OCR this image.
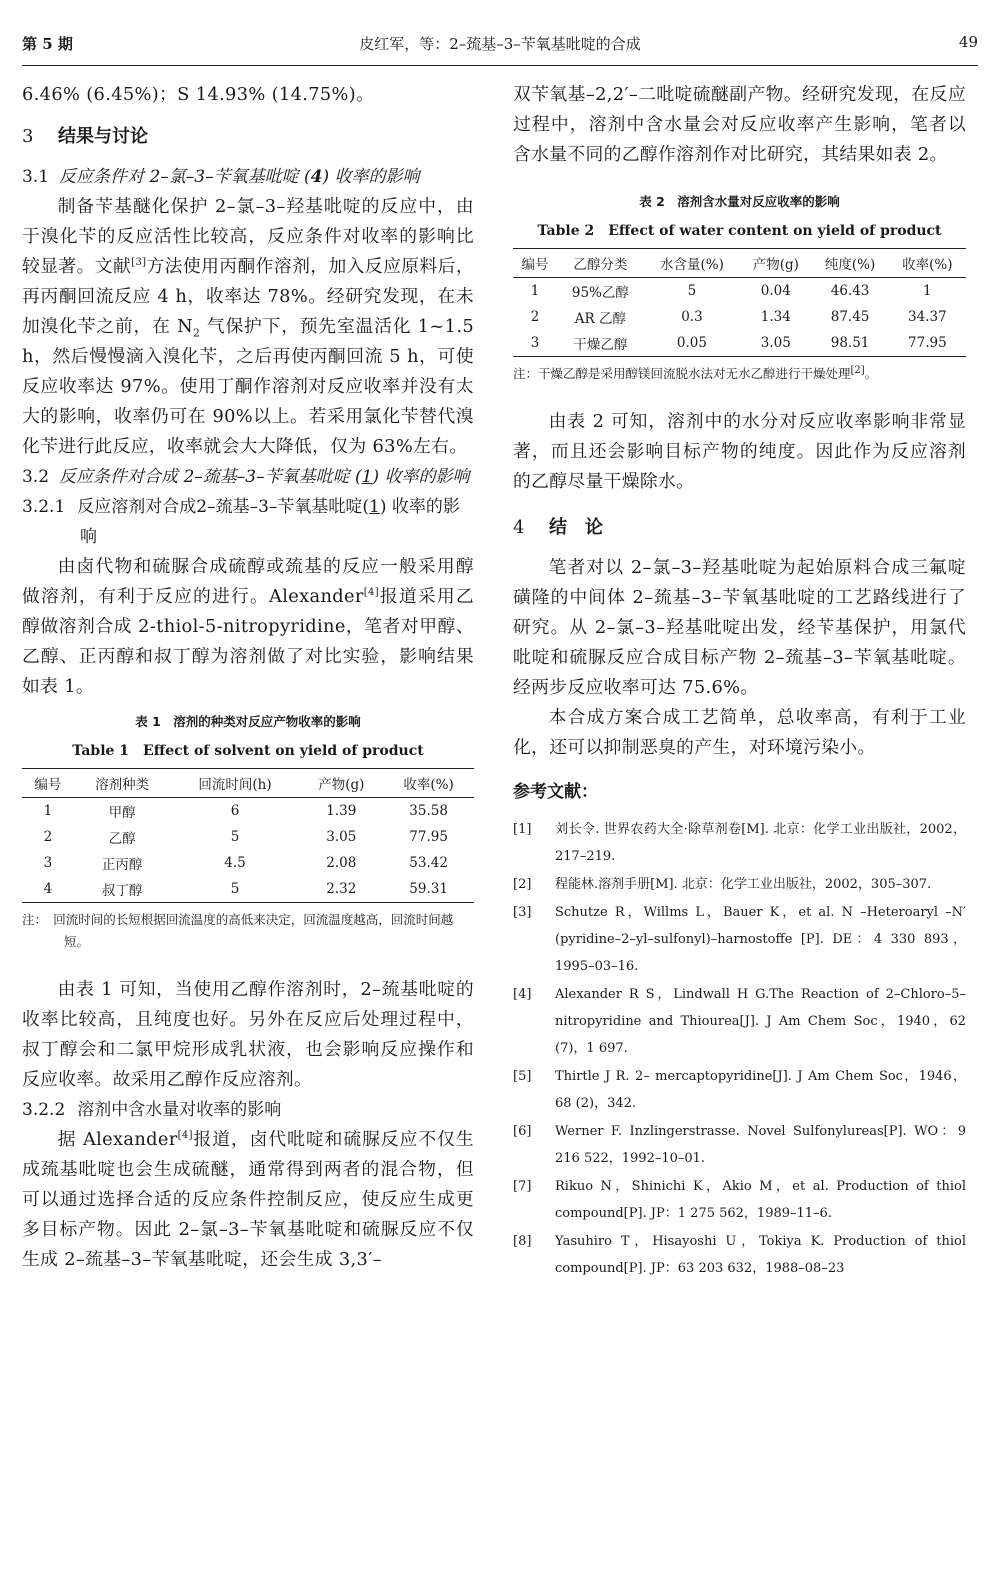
第 5 期	皮红军，等：2–巯基–3–苄氧基吡啶的合成	49

6.46% (6.45%)；S 14.93% (14.75%)。

3 结果与讨论
3.1 反应条件对 2–氯–3–苄氧基吡啶 (4) 收率的影响

制备苄基醚化保护 2–氯–3–羟基吡啶的反应中，由于溴化苄的反应活性比较高，反应条件对收率的影响比较显著。文献[3]方法使用丙酮作溶剂，加入反应原料后，再丙酮回流反应 4 h，收率达 78%。经研究发现，在未加溴化苄之前，在 $N_2$ 气保护下，预先室温活化 1~1.5 h，然后慢慢滴入溴化苄，之后再使丙酮回流 5 h，可使反应收率达 97%。使用丁酮作溶剂对反应收率并没有太大的影响，收率仍可在 90%以上。若采用氯化苄替代溴化苄进行此反应，收率就会大大降低，仅为 63%左右。

3.2 反应条件对合成 2–巯基–3–苄氧基吡啶 (1) 收率的影响
3.2.1 反应溶剂对合成2–巯基–3–苄氧基吡啶(1) 收率的影响

由卤代物和硫脲合成硫醇或巯基的反应一般采用醇做溶剂，有利于反应的进行。Alexander[4]报道采用乙醇做溶剂合成 2-thiol-5-nitropyridine，笔者对甲醇、乙醇、正丙醇和叔丁醇为溶剂做了对比实验，影响结果如表 1。

表 1　溶剂的种类对反应产物收率的影响
Table 1　Effect of solvent on yield of product
编号	溶剂种类	回流时间(h)	产物(g)	收率(%)
1	甲醇	6	1.39	35.58
2	乙醇	5	3.05	77.95
3	正丙醇	4.5	2.08	53.42
4	叔丁醇	5	2.32	59.31
注：　 回流时间的长短根据回流温度的高低来决定，回流温度越高，回流时间越短。

由表 1 可知，当使用乙醇作溶剂时，2–巯基吡啶的收率比较高，且纯度也好。另外在反应后处理过程中，叔丁醇会和二氯甲烷形成乳状液，也会影响反应操作和反应收率。故采用乙醇作反应溶剂。

3.2.2 溶剂中含水量对收率的影响

据 Alexander[4]报道，卤代吡啶和硫脲反应不仅生成巯基吡啶也会生成硫醚，通常得到两者的混合物，但可以通过选择合适的反应条件控制反应，使反应生成更多目标产物。因此 2–氯–3–苄氧基吡啶和硫脲反应不仅生成 2–巯基–3–苄氧基吡啶，还会生成 3,3′–

双苄氧基–2,2′–二吡啶硫醚副产物。经研究发现，在反应过程中，溶剂中含水量会对反应收率产生影响，笔者以含水量不同的乙醇作溶剂作对比研究，其结果如表 2。

表 2　溶剂含水量对反应收率的影响
Table 2　Effect of water content on yield of product
编号	乙醇分类	水含量(%)	产物(g)	纯度(%)	收率(%)
1	95%乙醇	5	0.04	46.43	1
2	AR 乙醇	0.3	1.34	87.45	34.37
3	干燥乙醇	0.05	3.05	98.51	77.95
注：干燥乙醇是采用醇镁回流脱水法对无水乙醇进行干燥处理[2]。

由表 2 可知，溶剂中的水分对反应收率影响非常显著，而且还会影响目标产物的纯度。因此作为反应溶剂的乙醇尽量干燥除水。

4 结　论

笔者对以 2–氯–3–羟基吡啶为起始原料合成三氟啶磺隆的中间体 2–巯基–3–苄氧基吡啶的工艺路线进行了研究。从 2–氯–3–羟基吡啶出发，经苄基保护，用氯代吡啶和硫脲反应合成目标产物 2–巯基–3–苄氧基吡啶。经两步反应收率可达 75.6%。

本合成方案合成工艺简单，总收率高，有利于工业化，还可以抑制恶臭的产生，对环境污染小。

参考文献：
[1] 刘长令. 世界农药大全·除草剂卷[M]. 北京：化学工业出版社，2002，217–219.
[2] 程能林.溶剂手册[M]. 北京：化学工业出版社，2002，305–307.
[3] Schutze R，Willms L，Bauer K，et al. N –Heteroaryl –N′ (pyridine–2–yl–sulfonyl)–harnostoffe [P]. DE：4 330 893，1995–03–16.
[4] Alexander R S，Lindwall H G.The Reaction of 2–Chloro–5–nitropyridine and Thiourea[J]. J Am Chem Soc，1940，62 (7)，1 697.
[5] Thirtle J R. 2– mercaptopyridine[J]. J Am Chem Soc，1946，68 (2)，342.
[6] Werner F. Inzlingerstrasse. Novel Sulfonylureas[P]. WO：9 216 522，1992–10–01.
[7] Rikuo N，Shinichi K，Akio M，et al. Production of thiol compound[P]. JP：1 275 562，1989–11–6.
[8] Yasuhiro T，Hisayoshi U，Tokiya K. Production of thiol compound[P]. JP：63 203 632，1988–08–23
